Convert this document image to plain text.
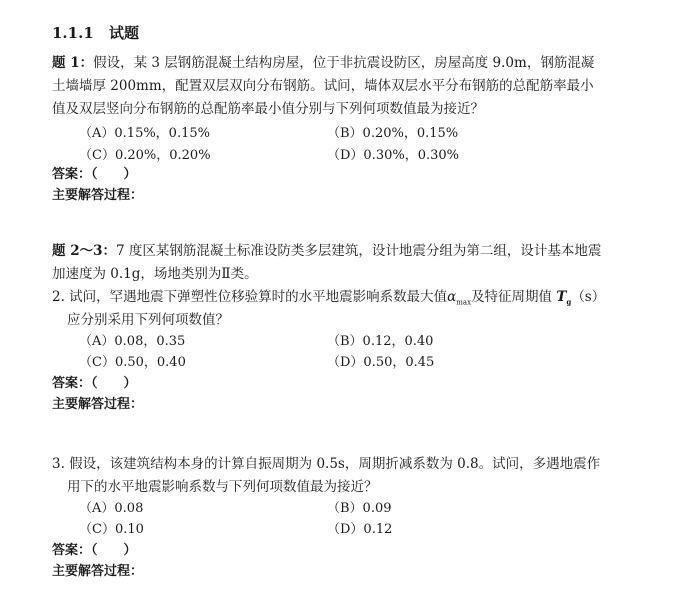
1.1.1 试题
题 1：假设，某 3 层钢筋混凝土结构房屋，位于非抗震设防区，房屋高度 9.0m，钢筋混凝
土墙墙厚 200mm，配置双层双向分布钢筋。试问，墙体双层水平分布钢筋的总配筋率最小
值及双层竖向分布钢筋的总配筋率最小值分别与下列何项数值最为接近？
（A）0.15%，0.15%	（B）0.20%，0.15%
（C）0.20%，0.20%	（D）0.30%，0.30%
答案：（　　）
主要解答过程：
题 2～3：7 度区某钢筋混凝土标准设防类多层建筑，设计地震分组为第二组，设计基本地震
加速度为 0.1g，场地类别为Ⅱ类。
2. 试问，罕遇地震下弹塑性位移验算时的水平地震影响系数最大值$\alpha_{max}$及特征周期值 $T_g(s)$
应分别采用下列何项数值？
（A）0.08，0.35	（B）0.12，0.40
（C）0.50，0.40	（D）0.50，0.45
答案：（　　）
主要解答过程：
3. 假设，该建筑结构本身的计算自振周期为 0.5s，周期折减系数为 0.8。试问，多遇地震作
用下的水平地震影响系数与下列何项数值最为接近？
（A）0.08	（B）0.09
（C）0.10	（D）0.12
答案：（　　）
主要解答过程：
